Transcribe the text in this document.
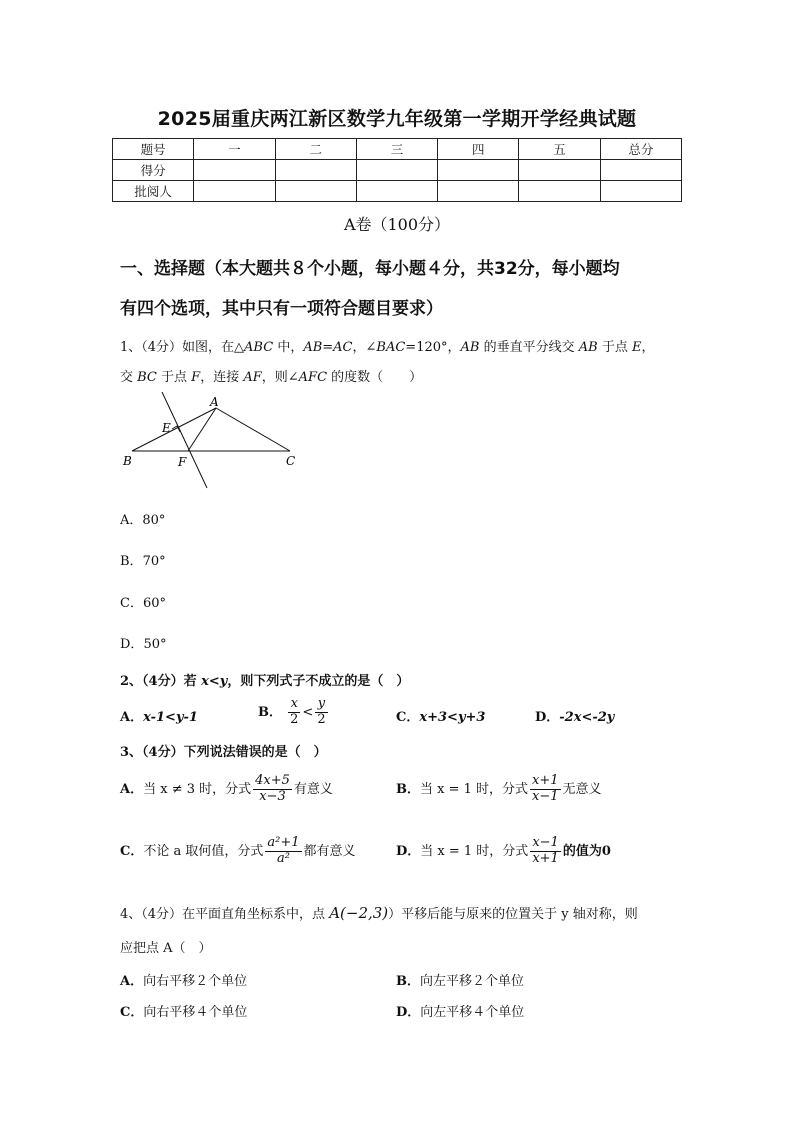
2025届重庆两江新区数学九年级第一学期开学经典试题
题号	一	二	三	四	五	总分
得分						
批阅人						
A卷（100分）
一、选择题（本大题共８个小题，每小题４分，共32分，每小题均
有四个选项，其中只有一项符合题目要求）
1、（4分）如图，在△ABC 中，AB=AC，∠BAC=120°，AB 的垂直平分线交 AB 于点 E，
交 BC 于点 F，连接 AF，则∠AFC 的度数（　　）
A
B	C
E
F
A．80°
B．70°
C．60°
D．50°
2、（4分）若 x<y，则下列式子不成立的是（　）
A．x-1<y-1	B． $\frac{x}{2} < \frac{y}{2}$	C．x+3<y+3	D．-2x<-2y
3、（4分）下列说法错误的是（　）
A．当 x ≠ 3 时，分式 $\frac{4x+5}{x-3}$ 有意义	B．当 x = 1 时，分式 $\frac{x+1}{x-1}$ 无意义
C．不论 a 取何值，分式 $\frac{\text{a²+1}}{\text{a²}}$ 都有意义	D．当 x = 1 时，分式 $\frac{x-1}{x+1}$ 的值为0
4、（4分）在平面直角坐标系中，点 A(−2,3)）平移后能与原来的位置关于 y 轴对称，则
应把点 A（　）
A．向右平移２个单位	B．向左平移２个单位
C．向右平移４个单位	D．向左平移４个单位
